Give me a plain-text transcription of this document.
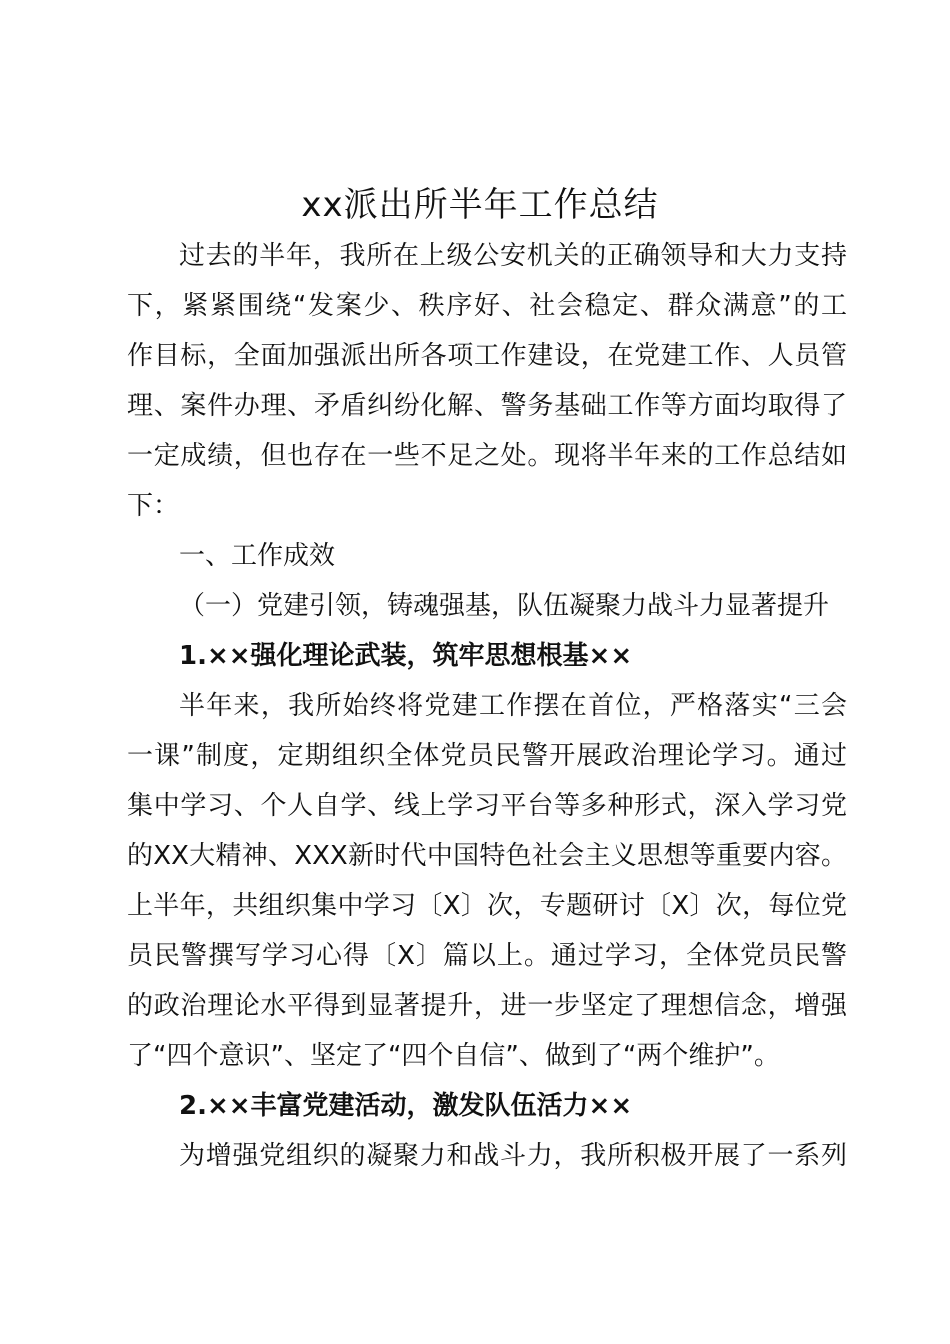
xx派出所半年工作总结
过去的半年，我所在上级公安机关的正确领导和大力支持
下，紧紧围绕“发案少、秩序好、社会稳定、群众满意”的工
作目标，全面加强派出所各项工作建设，在党建工作、人员管
理、案件办理、矛盾纠纷化解、警务基础工作等方面均取得了
一定成绩，但也存在一些不足之处。现将半年来的工作总结如
下：
一、工作成效
（一）党建引领，铸魂强基，队伍凝聚力战斗力显著提升
1.××强化理论武装，筑牢思想根基××
半年来，我所始终将党建工作摆在首位，严格落实“三会
一课”制度，定期组织全体党员民警开展政治理论学习。通过
集中学习、个人自学、线上学习平台等多种形式，深入学习党
的XX大精神、XXX新时代中国特色社会主义思想等重要内容。
上半年，共组织集中学习〔X〕次，专题研讨〔X〕次，每位党
员民警撰写学习心得〔X〕篇以上。通过学习，全体党员民警
的政治理论水平得到显著提升，进一步坚定了理想信念，增强
了“四个意识”、坚定了“四个自信”、做到了“两个维护”。
2.××丰富党建活动，激发队伍活力××
为增强党组织的凝聚力和战斗力，我所积极开展了一系列
